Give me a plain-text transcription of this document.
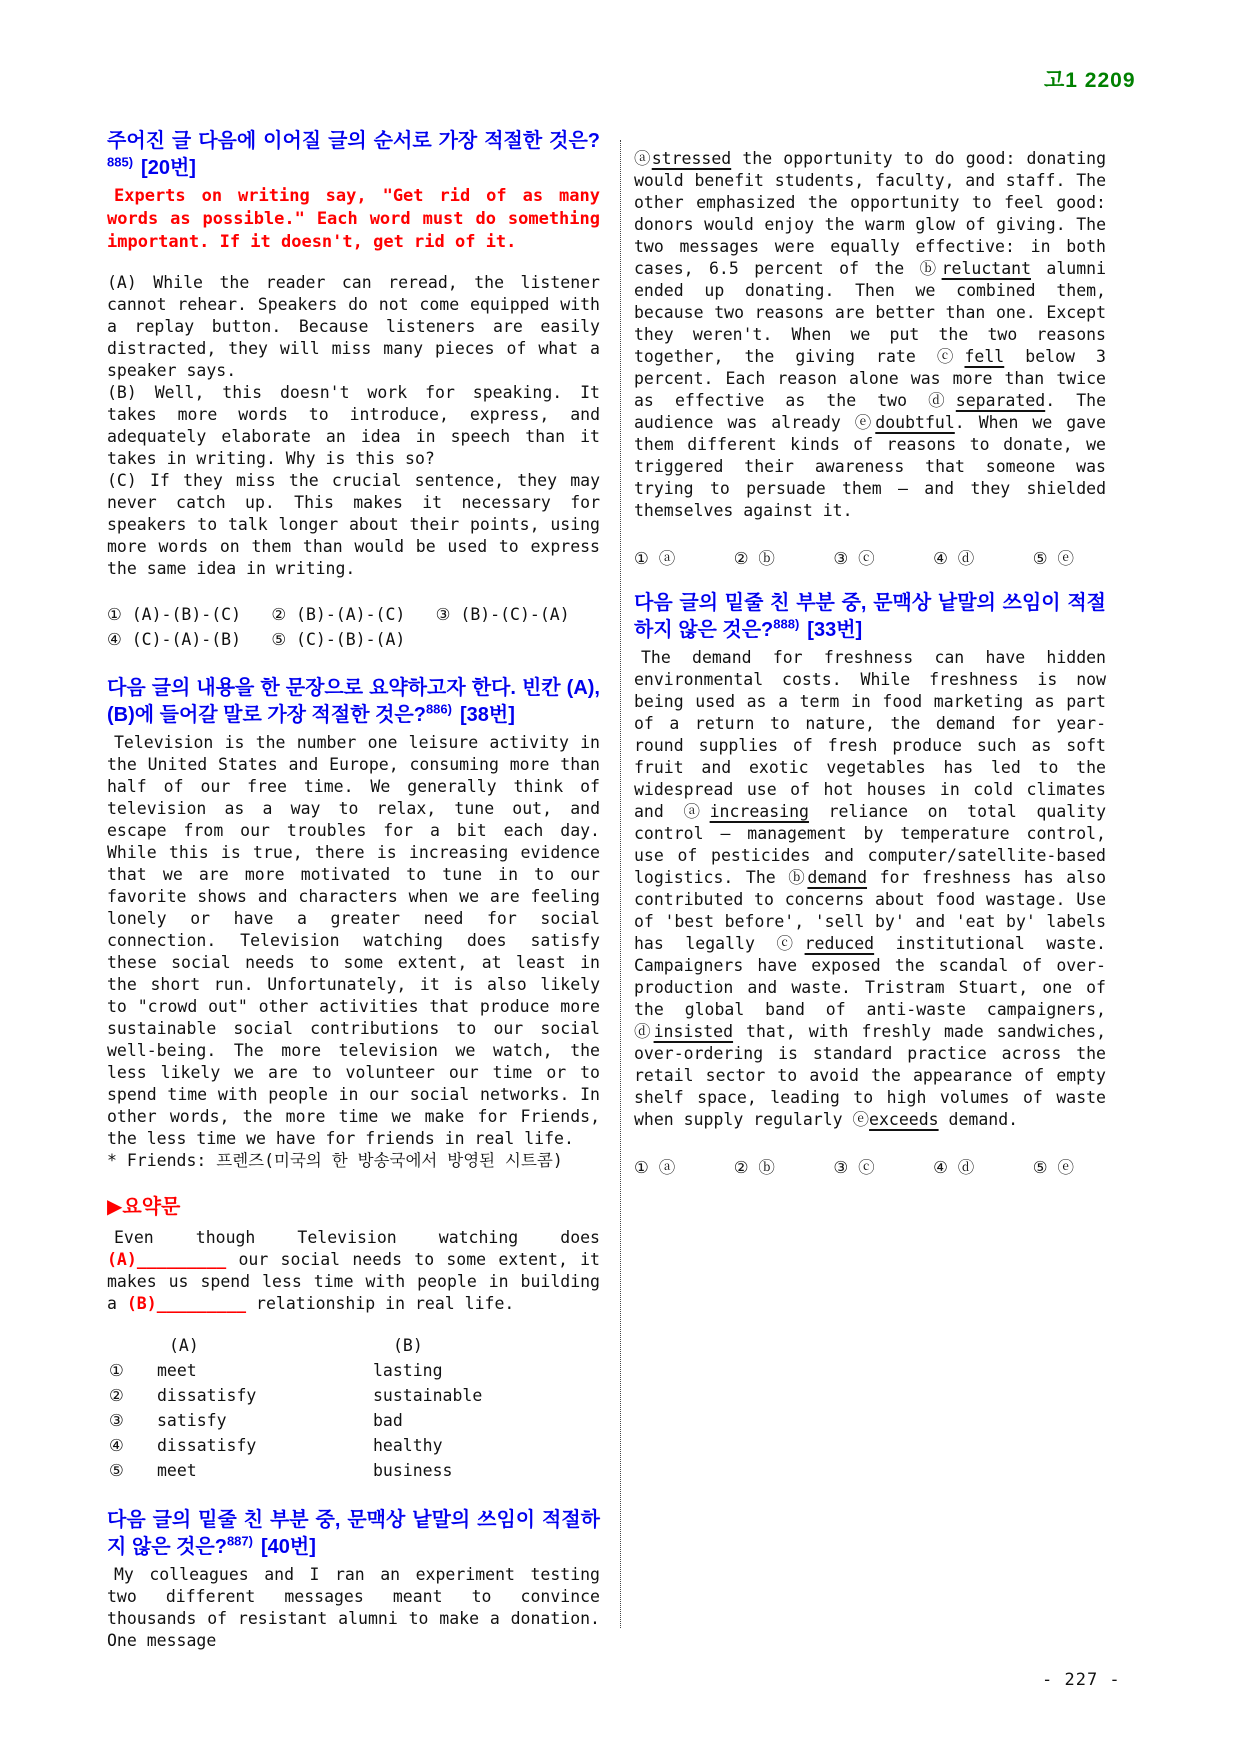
고1 2209
주어진 글 다음에 이어질 글의 순서로 가장 적절한 것은?$^{885)}$ [20번]

Experts on writing say, "Get rid of as many words as possible." Each word must do something important. If it doesn't, get rid of it.

(A) While the reader can reread, the listener cannot rehear. Speakers do not come equipped with a replay button. Because listeners are easily distracted, they will miss many pieces of what a speaker says.

(B) Well, this doesn't work for speaking. It takes more words to introduce, express, and adequately elaborate an idea in speech than it takes in writing. Why is this so?

(C) If they miss the crucial sentence, they may never catch up. This makes it necessary for speakers to talk longer about their points, using more words on them than would be used to express the same idea in writing.

① (A)-(B)-(C)	② (B)-(A)-(C)	③ (B)-(C)-(A)
④ (C)-(A)-(B)	⑤ (C)-(B)-(A)
다음 글의 내용을 한 문장으로 요약하고자 한다. 빈칸 (A), (B)에 들어갈 말로 가장 적절한 것은?$^{886)}$ [38번]

Television is the number one leisure activity in the United States and Europe, consuming more than half of our free time. We generally think of television as a way to relax, tune out, and escape from our troubles for a bit each day. While this is true, there is increasing evidence that we are more motivated to tune in to our favorite shows and characters when we are feeling lonely or have a greater need for social connection. Television watching does satisfy these social needs to some extent, at least in the short run. Unfortunately, it is also likely to "crowd out" other activities that produce more sustainable social contributions to our social well-being. The more television we watch, the less likely we are to volunteer our time or to spend time with people in our social networks. In other words, the more time we make for Friends, the less time we have for friends in real life.

* Friends: 프렌즈(미국의 한 방송국에서 방영된 시트콤)

▶요약문

Even though Television watching does (A)_________ our social needs to some extent, it makes us spend less time with people in building a (B)_________ relationship in real life.

(A)	(B)
①	meet	lasting
②	dissatisfy	sustainable
③	satisfy	bad
④	dissatisfy	healthy
⑤	meet	business
다음 글의 밑줄 친 부분 중, 문맥상 낱말의 쓰임이 적절하지 않은 것은?$^{887)}$ [40번]

My colleagues and I ran an experiment testing two different messages meant to convince thousands of resistant alumni to make a donation. One message

ⓐstressed the opportunity to do good: donating would benefit students, faculty, and staff. The other emphasized the opportunity to feel good: donors would enjoy the warm glow of giving. The two messages were equally effective: in both cases, 6.5 percent of the ⓑreluctant alumni ended up donating. Then we combined them, because two reasons are better than one. Except they weren't. When we put the two reasons together, the giving rate ⓒfell below 3 percent. Each reason alone was more than twice as effective as the two ⓓseparated. The audience was already ⓔdoubtful. When we gave them different kinds of reasons to donate, we triggered their awareness that someone was trying to persuade them — and they shielded themselves against it.

① ⓐ	② ⓑ	③ ⓒ	④ ⓓ	⑤ ⓔ
다음 글의 밑줄 친 부분 중, 문맥상 낱말의 쓰임이 적절하지 않은 것은?$^{888)}$ [33번]

The demand for freshness can have hidden environmental costs. While freshness is now being used as a term in food marketing as part of a return to nature, the demand for year-round supplies of fresh produce such as soft fruit and exotic vegetables has led to the widespread use of hot houses in cold climates and ⓐincreasing reliance on total quality control — management by temperature control, use of pesticides and computer/satellite-based logistics. The ⓑdemand for freshness has also contributed to concerns about food wastage. Use of 'best before', 'sell by' and 'eat by' labels has legally ⓒreduced institutional waste. Campaigners have exposed the scandal of over-production and waste. Tristram Stuart, one of the global band of anti-waste campaigners, ⓓinsisted that, with freshly made sandwiches, over-ordering is standard practice across the retail sector to avoid the appearance of empty shelf space, leading to high volumes of waste when supply regularly ⓔexceeds demand.

① ⓐ	② ⓑ	③ ⓒ	④ ⓓ	⑤ ⓔ
- 227 -
